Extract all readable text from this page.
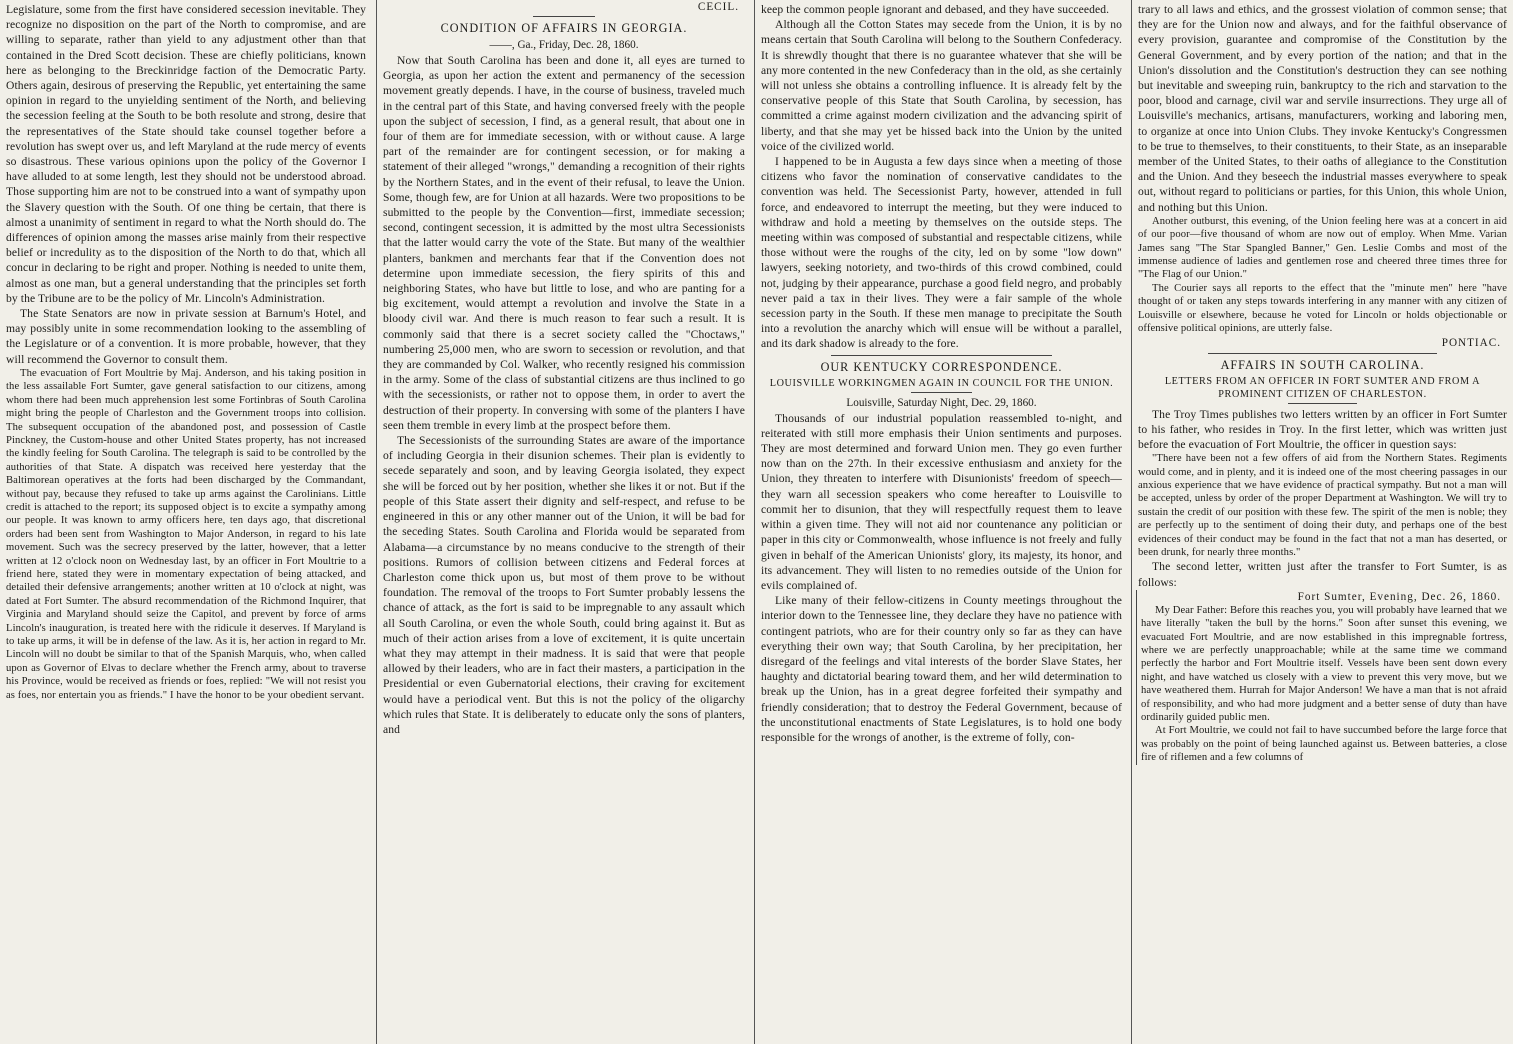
Legislature, some from the first have considered secession inevitable. They recognize no disposition on the part of the North to compromise, and are willing to separate, rather than yield to any adjustment other than that contained in the Dred Scott decision. These are chiefly politicians, known here as belonging to the Breckinridge faction of the Democratic Party. Others again, desirous of preserving the Republic, yet entertaining the same opinion in regard to the unyielding sentiment of the North, and believing the secession feeling at the South to be both resolute and strong, desire that the representatives of the State should take counsel together before a revolution has swept over us, and left Maryland at the rude mercy of events so disastrous. These various opinions upon the policy of the Governor I have alluded to at some length, lest they should not be understood abroad. Those supporting him are not to be construed into a want of sympathy upon the Slavery question with the South. Of one thing be certain, that there is almost a unanimity of sentiment in regard to what the North should do. The differences of opinion among the masses arise mainly from their respective belief or incredulity as to the disposition of the North to do that, which all concur in declaring to be right and proper. Nothing is needed to unite them, almost as one man, but a general understanding that the principles set forth by the Tribune are to be the policy of Mr. Lincoln's Administration.

The State Senators are now in private session at Barnum's Hotel, and may possibly unite in some recommendation looking to the assembling of the Legislature or of a convention. It is more probable, however, that they will recommend the Governor to consult them.

The evacuation of Fort Moultrie by Maj. Anderson, and his taking position in the less assailable Fort Sumter, gave general satisfaction to our citizens, among whom there had been much apprehension lest some Fortinbras of South Carolina might bring the people of Charleston and the Government troops into collision. The subsequent occupation of the abandoned post, and possession of Castle Pinckney, the Custom-house and other United States property, has not increased the kindly feeling for South Carolina. The telegraph is said to be controlled by the authorities of that State. A dispatch was received here yesterday that the Baltimorean operatives at the forts had been discharged by the Commandant, without pay, because they refused to take up arms against the Carolinians. Little credit is attached to the report; its supposed object is to excite a sympathy among our people. It was known to army officers here, ten days ago, that discretional orders had been sent from Washington to Major Anderson, in regard to his late movement. Such was the secrecy preserved by the latter, however, that a letter written at 12 o'clock noon on Wednesday last, by an officer in Fort Moultrie to a friend here, stated they were in momentary expectation of being attacked, and detailed their defensive arrangements; another written at 10 o'clock at night, was dated at Fort Sumter. The absurd recommendation of the Richmond Inquirer, that Virginia and Maryland should seize the Capitol, and prevent by force of arms Lincoln's inauguration, is treated here with the ridicule it deserves. If Maryland is to take up arms, it will be in defense of the law. As it is, her action in regard to Mr. Lincoln will no doubt be similar to that of the Spanish Marquis, who, when called upon as Governor of Elvas to declare whether the French army, about to traverse his Province, would be received as friends or foes, replied: "We will not resist you as foes, nor entertain you as friends." I have the honor to be your obedient servant.

CECIL.
CONDITION OF AFFAIRS IN GEORGIA.
——, Ga., Friday, Dec. 28, 1860.

Now that South Carolina has been and done it, all eyes are turned to Georgia, as upon her action the extent and permanency of the secession movement greatly depends. I have, in the course of business, traveled much in the central part of this State, and having conversed freely with the people upon the subject of secession, I find, as a general result, that about one in four of them are for immediate secession, with or without cause. A large part of the remainder are for contingent secession, or for making a statement of their alleged "wrongs," demanding a recognition of their rights by the Northern States, and in the event of their refusal, to leave the Union. Some, though few, are for Union at all hazards. Were two propositions to be submitted to the people by the Convention—first, immediate secession; second, contingent secession, it is admitted by the most ultra Secessionists that the latter would carry the vote of the State. But many of the wealthier planters, bankmen and merchants fear that if the Convention does not determine upon immediate secession, the fiery spirits of this and neighboring States, who have but little to lose, and who are panting for a big excitement, would attempt a revolution and involve the State in a bloody civil war. And there is much reason to fear such a result. It is commonly said that there is a secret society called the "Choctaws," numbering 25,000 men, who are sworn to secession or revolution, and that they are commanded by Col. Walker, who recently resigned his commission in the army. Some of the class of substantial citizens are thus inclined to go with the secessionists, or rather not to oppose them, in order to avert the destruction of their property. In conversing with some of the planters I have seen them tremble in every limb at the prospect before them.

The Secessionists of the surrounding States are aware of the importance of including Georgia in their disunion schemes. Their plan is evidently to secede separately and soon, and by leaving Georgia isolated, they expect she will be forced out by her position, whether she likes it or not. But if the people of this State assert their dignity and self-respect, and refuse to be engineered in this or any other manner out of the Union, it will be bad for the seceding States. South Carolina and Florida would be separated from Alabama—a circumstance by no means conducive to the strength of their positions. Rumors of collision between citizens and Federal forces at Charleston come thick upon us, but most of them prove to be without foundation. The removal of the troops to Fort Sumter probably lessens the chance of attack, as the fort is said to be impregnable to any assault which all South Carolina, or even the whole South, could bring against it. But as much of their action arises from a love of excitement, it is quite uncertain what they may attempt in their madness. It is said that were that people allowed by their leaders, who are in fact their masters, a participation in the Presidential or even Gubernatorial elections, their craving for excitement would have a periodical vent. But this is not the policy of the oligarchy which rules that State. It is deliberately to educate only the sons of planters, and

keep the common people ignorant and debased, and they have succeeded.

Although all the Cotton States may secede from the Union, it is by no means certain that South Carolina will belong to the Southern Confederacy. It is shrewdly thought that there is no guarantee whatever that she will be any more contented in the new Confederacy than in the old, as she certainly will not unless she obtains a controlling influence. It is already felt by the conservative people of this State that South Carolina, by secession, has committed a crime against modern civilization and the advancing spirit of liberty, and that she may yet be hissed back into the Union by the united voice of the civilized world.

I happened to be in Augusta a few days since when a meeting of those citizens who favor the nomination of conservative candidates to the convention was held. The Secessionist Party, however, attended in full force, and endeavored to interrupt the meeting, but they were induced to withdraw and hold a meeting by themselves on the outside steps. The meeting within was composed of substantial and respectable citizens, while those without were the roughs of the city, led on by some "low down" lawyers, seeking notoriety, and two-thirds of this crowd combined, could not, judging by their appearance, purchase a good field negro, and probably never paid a tax in their lives. They were a fair sample of the whole secession party in the South. If these men manage to precipitate the South into a revolution the anarchy which will ensue will be without a parallel, and its dark shadow is already to the fore.

OUR KENTUCKY CORRESPONDENCE.
LOUISVILLE WORKINGMEN AGAIN IN COUNCIL FOR THE UNION.
Louisville, Saturday Night, Dec. 29, 1860.

Thousands of our industrial population reassembled to-night, and reiterated with still more emphasis their Union sentiments and purposes. They are most determined and forward Union men. They go even further now than on the 27th. In their excessive enthusiasm and anxiety for the Union, they threaten to interfere with Disunionists' freedom of speech—they warn all secession speakers who come hereafter to Louisville to commit her to disunion, that they will respectfully request them to leave within a given time. They will not aid nor countenance any politician or paper in this city or Commonwealth, whose influence is not freely and fully given in behalf of the American Unionists' glory, its majesty, its honor, and its advancement. They will listen to no remedies outside of the Union for evils complained of.

Like many of their fellow-citizens in County meetings throughout the interior down to the Tennessee line, they declare they have no patience with contingent patriots, who are for their country only so far as they can have everything their own way; that South Carolina, by her precipitation, her disregard of the feelings and vital interests of the border Slave States, her haughty and dictatorial bearing toward them, and her wild determination to break up the Union, has in a great degree forfeited their sympathy and friendly consideration; that to destroy the Federal Government, because of the unconstitutional enactments of State Legislatures, is to hold one body responsible for the wrongs of another, is the extreme of folly, con-

trary to all laws and ethics, and the grossest violation of common sense; that they are for the Union now and always, and for the faithful observance of every provision, guarantee and compromise of the Constitution by the General Government, and by every portion of the nation; and that in the Union's dissolution and the Constitution's destruction they can see nothing but inevitable and sweeping ruin, bankruptcy to the rich and starvation to the poor, blood and carnage, civil war and servile insurrections. They urge all of Louisville's mechanics, artisans, manufacturers, working and laboring men, to organize at once into Union Clubs. They invoke Kentucky's Congressmen to be true to themselves, to their constituents, to their State, as an inseparable member of the United States, to their oaths of allegiance to the Constitution and the Union. And they beseech the industrial masses everywhere to speak out, without regard to politicians or parties, for this Union, this whole Union, and nothing but this Union.

Another outburst, this evening, of the Union feeling here was at a concert in aid of our poor—five thousand of whom are now out of employ. When Mme. Varian James sang "The Star Spangled Banner," Gen. Leslie Combs and most of the immense audience of ladies and gentlemen rose and cheered three times three for "The Flag of our Union."

The Courier says all reports to the effect that the "minute men" here "have thought of or taken any steps towards interfering in any manner with any citizen of Louisville or elsewhere, because he voted for Lincoln or holds objectionable or offensive political opinions, are utterly false.

PONTIAC.
AFFAIRS IN SOUTH CAROLINA.
LETTERS FROM AN OFFICER IN FORT SUMTER AND FROM A PROMINENT CITIZEN OF CHARLESTON.

The Troy Times publishes two letters written by an officer in Fort Sumter to his father, who resides in Troy. In the first letter, which was written just before the evacuation of Fort Moultrie, the officer in question says:

"There have been not a few offers of aid from the Northern States. Regiments would come, and in plenty, and it is indeed one of the most cheering passages in our anxious experience that we have evidence of practical sympathy. But not a man will be accepted, unless by order of the proper Department at Washington. We will try to sustain the credit of our position with these few. The spirit of the men is noble; they are perfectly up to the sentiment of doing their duty, and perhaps one of the best evidences of their conduct may be found in the fact that not a man has deserted, or been drunk, for nearly three months."

The second letter, written just after the transfer to Fort Sumter, is as follows:

Fort Sumter, Evening, Dec. 26, 1860.

My Dear Father: Before this reaches you, you will probably have learned that we have literally "taken the bull by the horns." Soon after sunset this evening, we evacuated Fort Moultrie, and are now established in this impregnable fortress, where we are perfectly unapproachable; while at the same time we command perfectly the harbor and Fort Moultrie itself. Vessels have been sent down every night, and have watched us closely with a view to prevent this very move, but we have weathered them. Hurrah for Major Anderson! We have a man that is not afraid of responsibility, and who had more judgment and a better sense of duty than have ordinarily guided public men.

At Fort Moultrie, we could not fail to have succumbed before the large force that was probably on the point of being launched against us. Between batteries, a close fire of riflemen and a few columns of
